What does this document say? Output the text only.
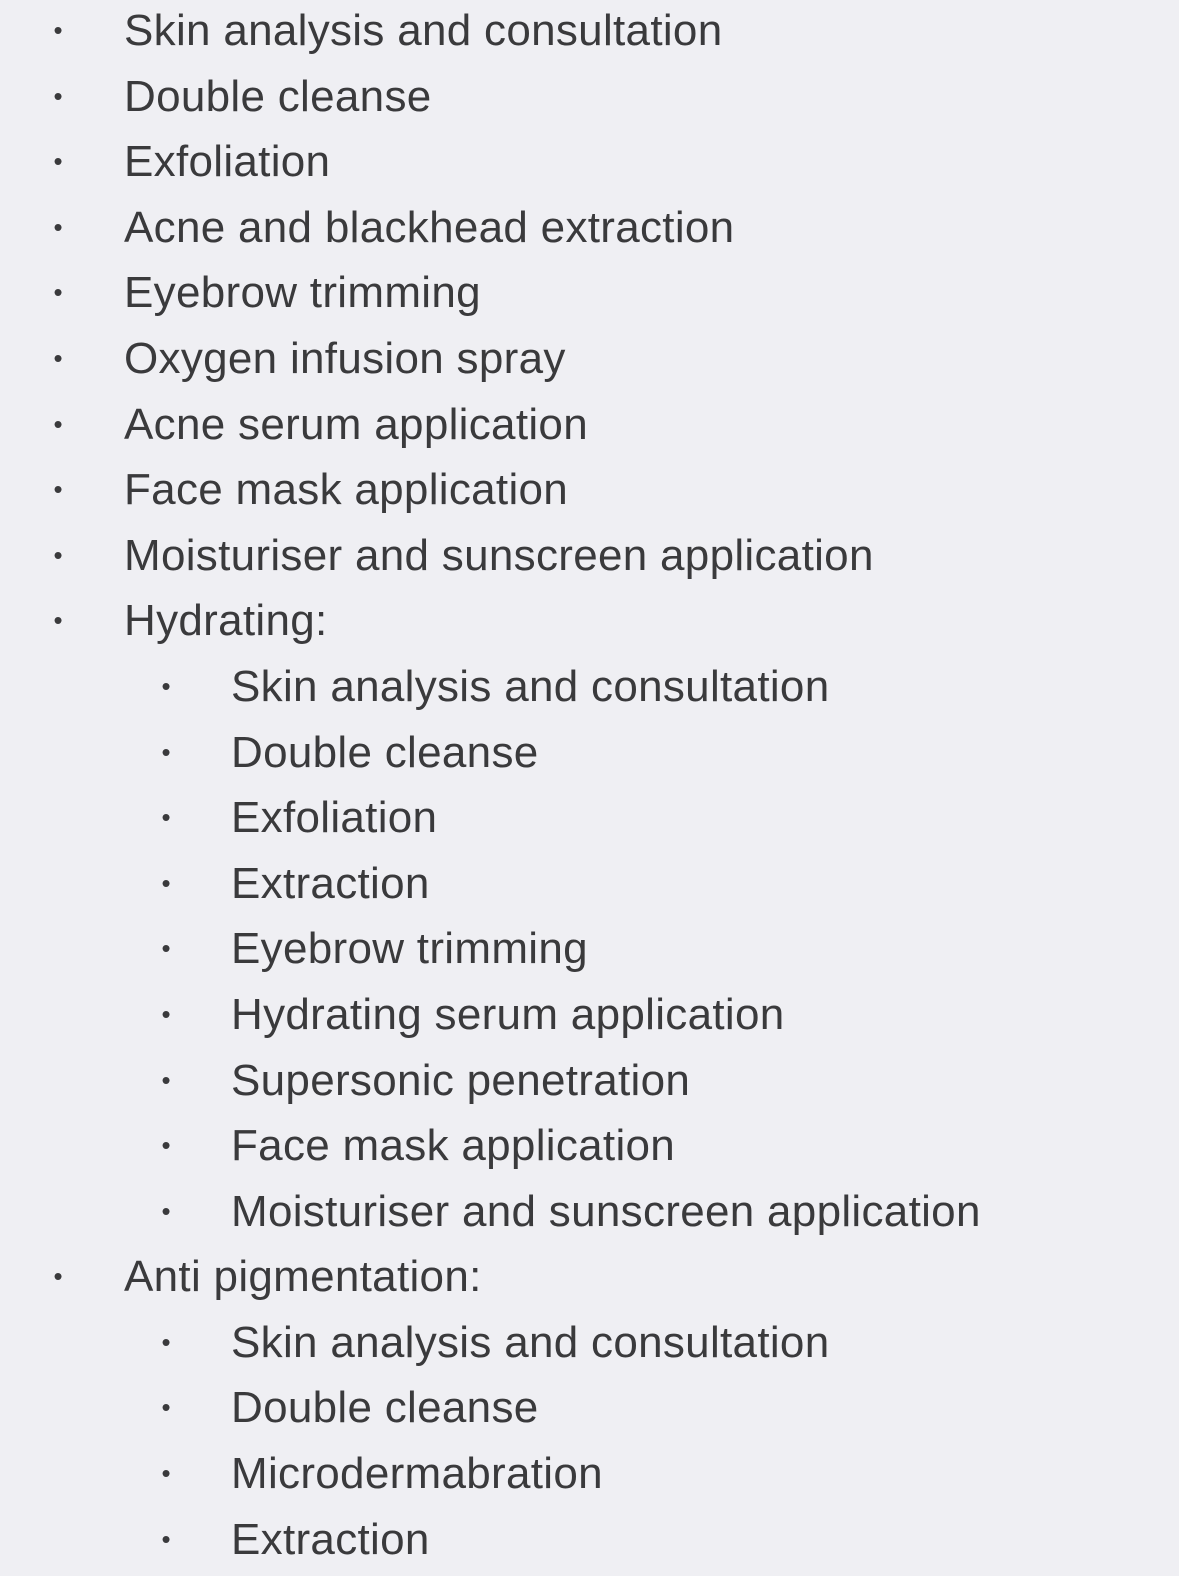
• Skin analysis and consultation
• Double cleanse
• Exfoliation
• Acne and blackhead extraction
• Eyebrow trimming
• Oxygen infusion spray
• Acne serum application
• Face mask application
• Moisturiser and sunscreen application
• Hydrating:
• Skin analysis and consultation
• Double cleanse
• Exfoliation
• Extraction
• Eyebrow trimming
• Hydrating serum application
• Supersonic penetration
• Face mask application
• Moisturiser and sunscreen application
• Anti pigmentation:
• Skin analysis and consultation
• Double cleanse
• Microdermabration
• Extraction
